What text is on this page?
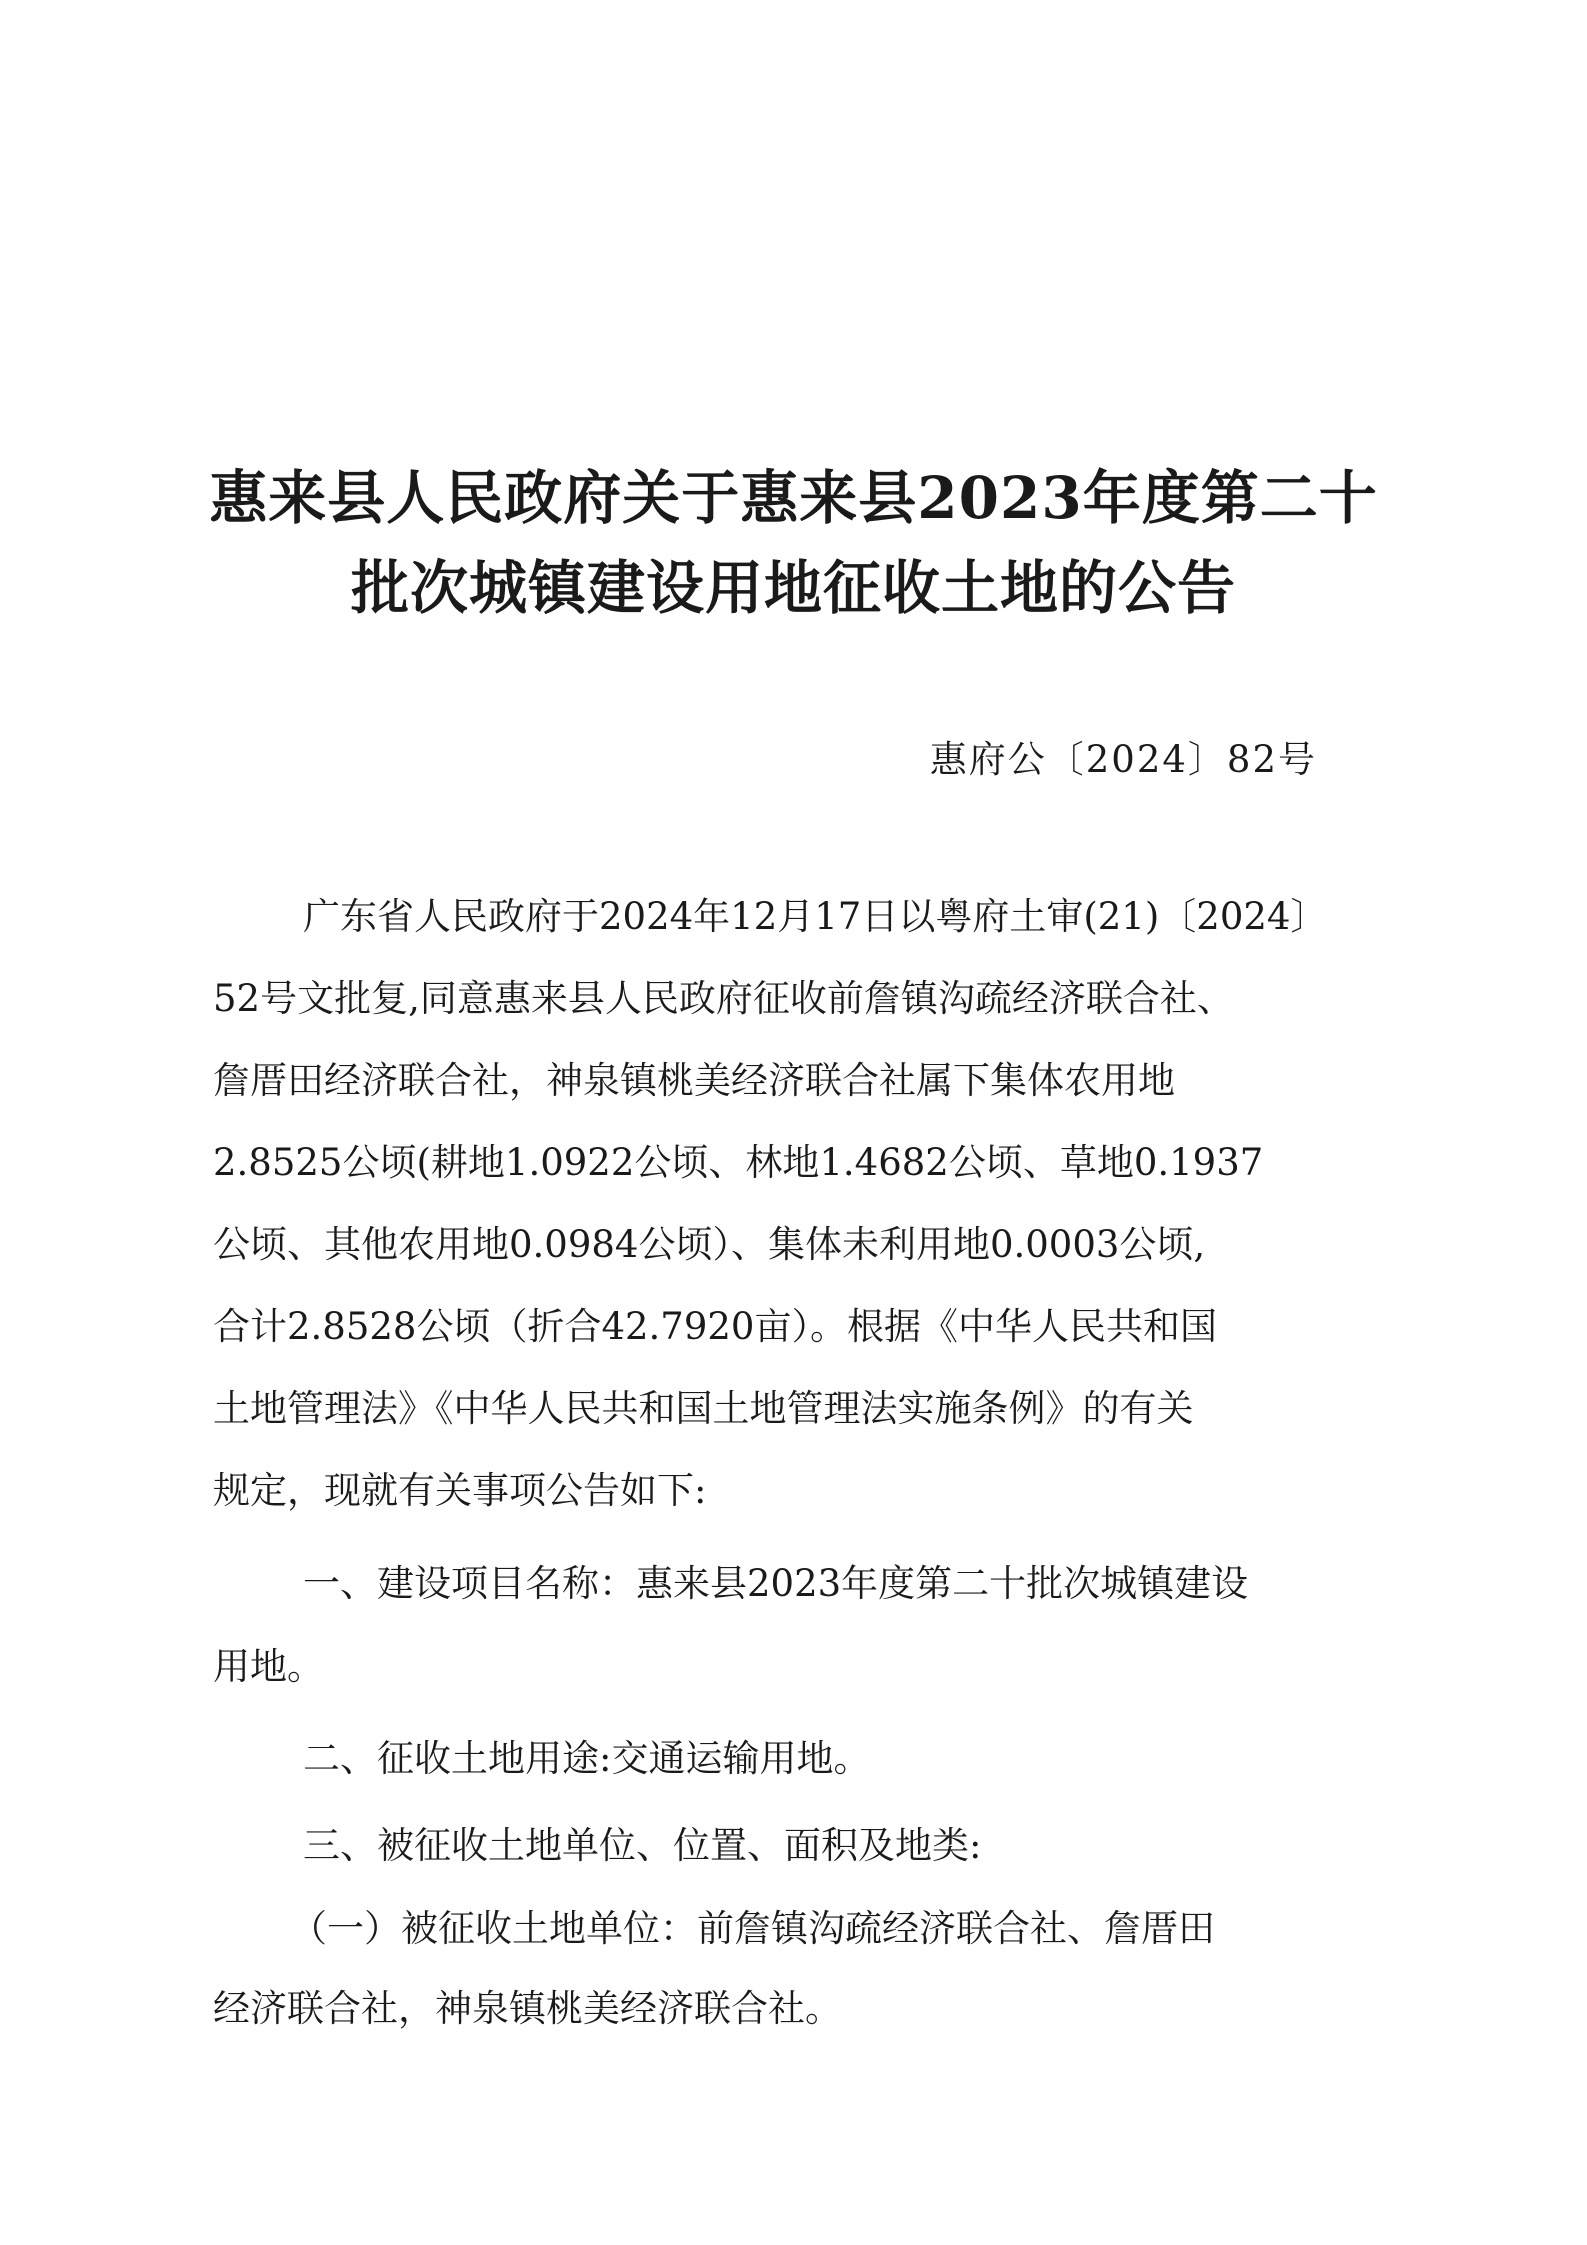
惠来县人民政府关于惠来县2023年度第二十
批次城镇建设用地征收土地的公告
惠府公〔2024〕82号
广东省人民政府于2024年12月17日以粤府土审(21)〔2024〕
52号文批复,同意惠来县人民政府征收前詹镇沟疏经济联合社、
詹厝田经济联合社，神泉镇桃美经济联合社属下集体农用地
2.8525公顷(耕地1.0922公顷、林地1.4682公顷、草地0.1937
公顷、其他农用地0.0984公顷）、集体未利用地0.0003公顷,
合计2.8528公顷（折合42.7920亩）。根据《中华人民共和国
土地管理法》《中华人民共和国土地管理法实施条例》的有关
规定，现就有关事项公告如下:
一、建设项目名称：惠来县2023年度第二十批次城镇建设
用地。
二、征收土地用途:交通运输用地。
三、被征收土地单位、位置、面积及地类:
（一）被征收土地单位：前詹镇沟疏经济联合社、詹厝田
经济联合社，神泉镇桃美经济联合社。
